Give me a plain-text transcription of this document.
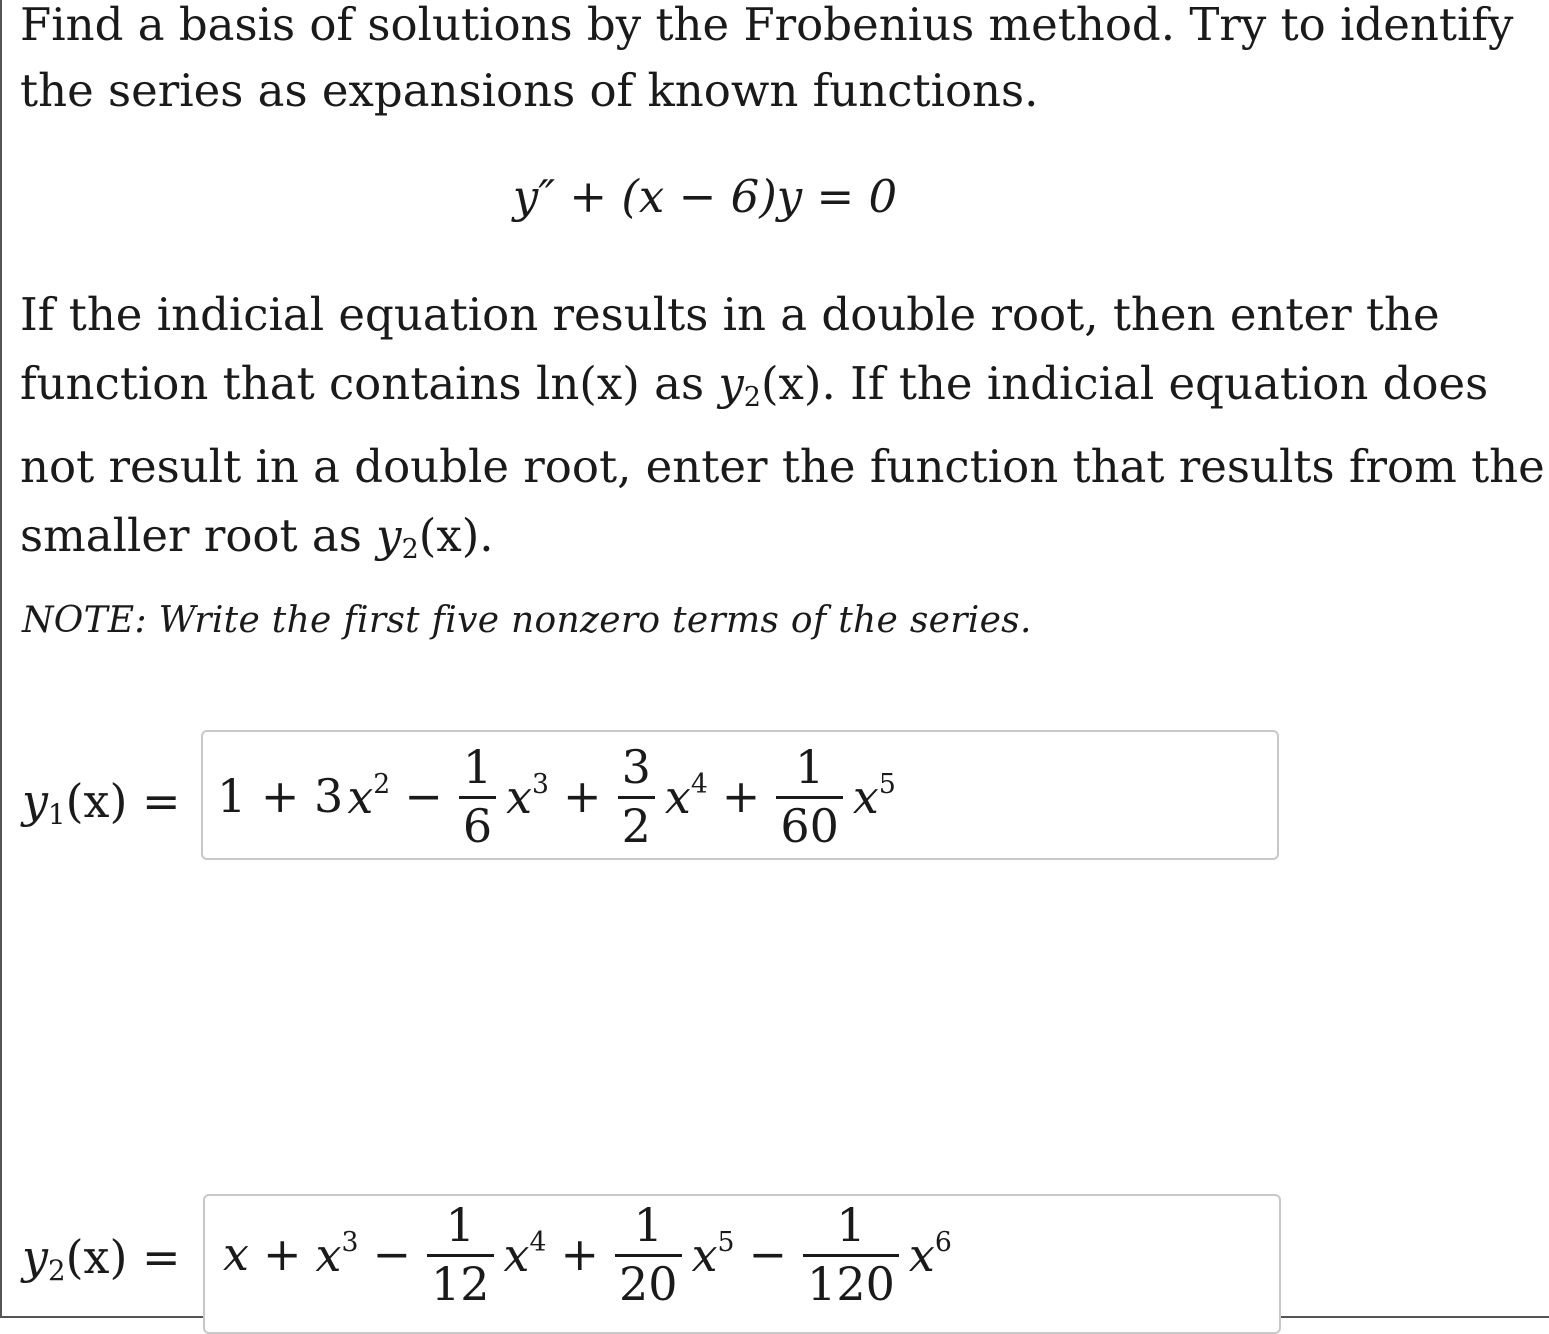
Find a basis of solutions by the Frobenius method. Try to identify the series as expansions of known functions.

y″ + (x − 6)y = 0

If the indicial equation results in a double root, then enter the function that contains ln(x) as $y_2(x)$. If the indicial equation does not result in a double root, enter the function that results from the smaller root as $y_2(x)$.

NOTE: Write the first five nonzero terms of the series.
$y_1(x) = 1 + 3$ $x^2 - \frac{1}{6} x^3 + \frac{3}{2} x^4 + \frac{1}{60} x^5$
$y_2(x) = x + x^3 - \frac{1}{12} x^4 + \frac{1}{20} x^5 - \frac{1}{120} x^6$
